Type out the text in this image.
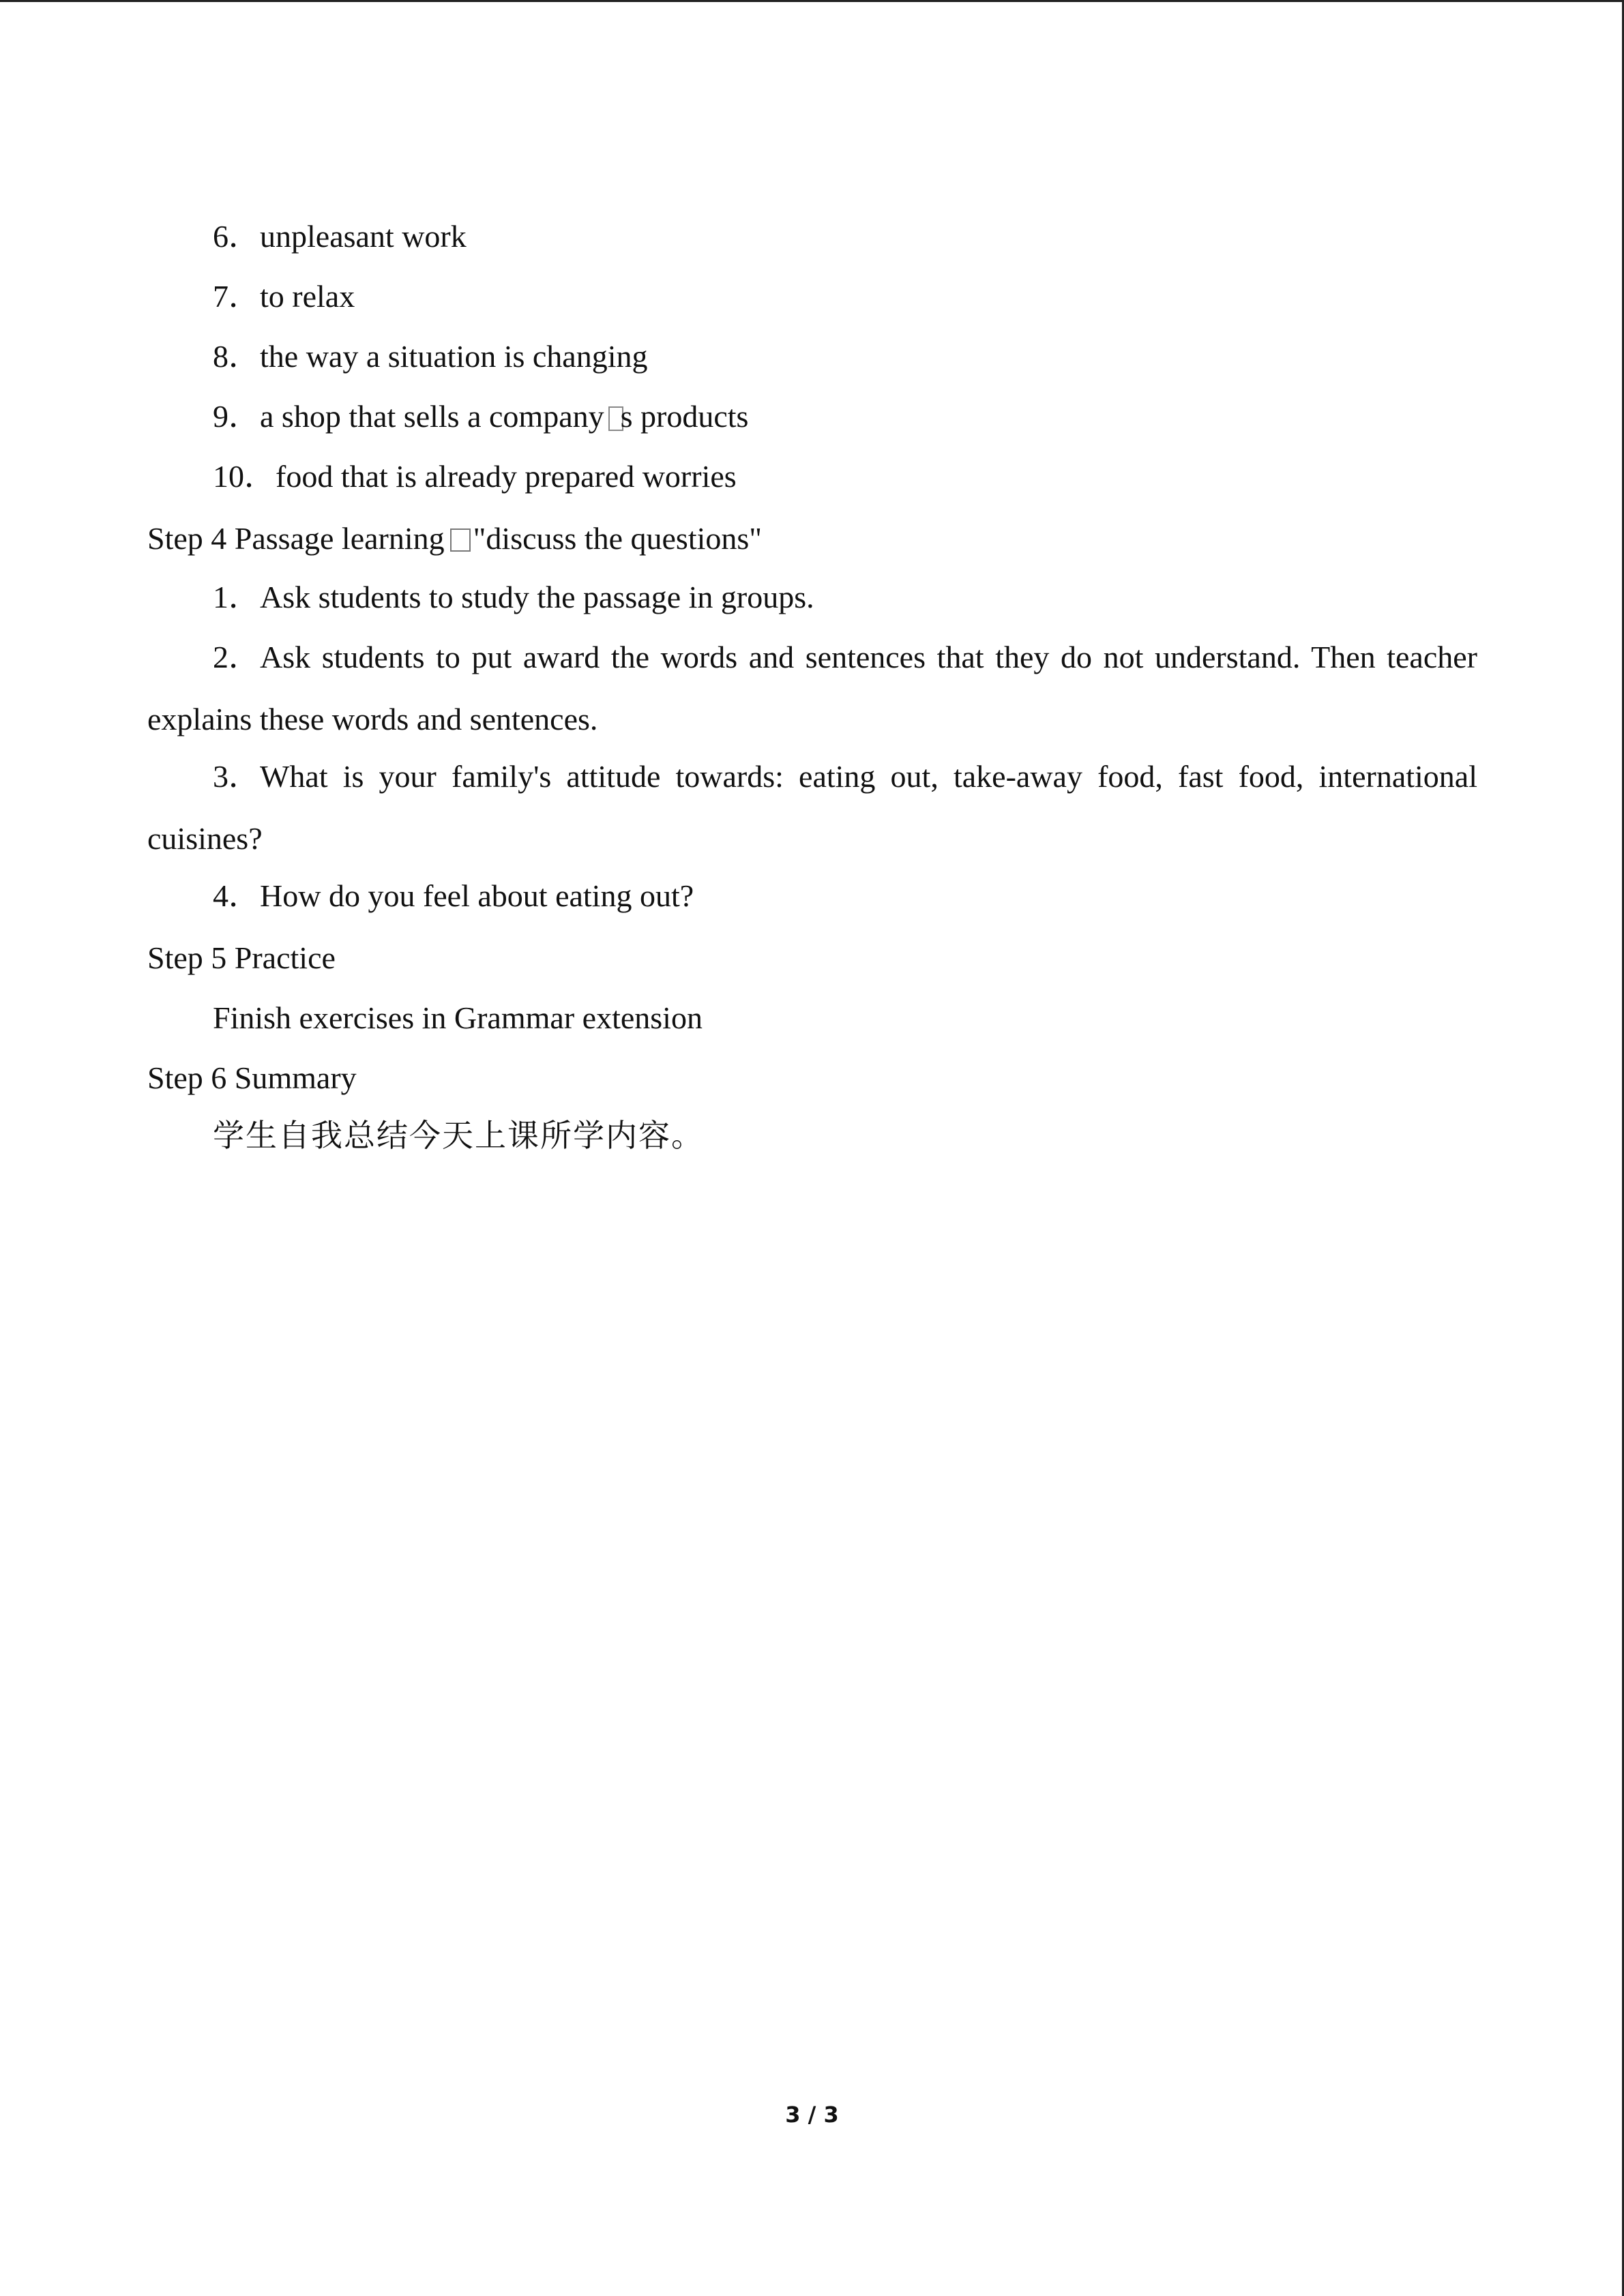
6．unpleasant work
7．to relax
8．the way a situation is changing
9．a shop that sells a company s products
10．food that is already prepared worries
Step 4 Passage learning "discuss the questions"
1．Ask students to study the passage in groups.
2．Ask students to put award the words and sentences that they do not understand. Then teacher
explains these words and sentences.
3．What is your family's attitude towards: eating out, take-away food, fast food, international
cuisines?
4．How do you feel about eating out?
Step 5 Practice
Finish exercises in Grammar extension
Step 6 Summary
学生自我总结今天上课所学内容。
3 / 3
